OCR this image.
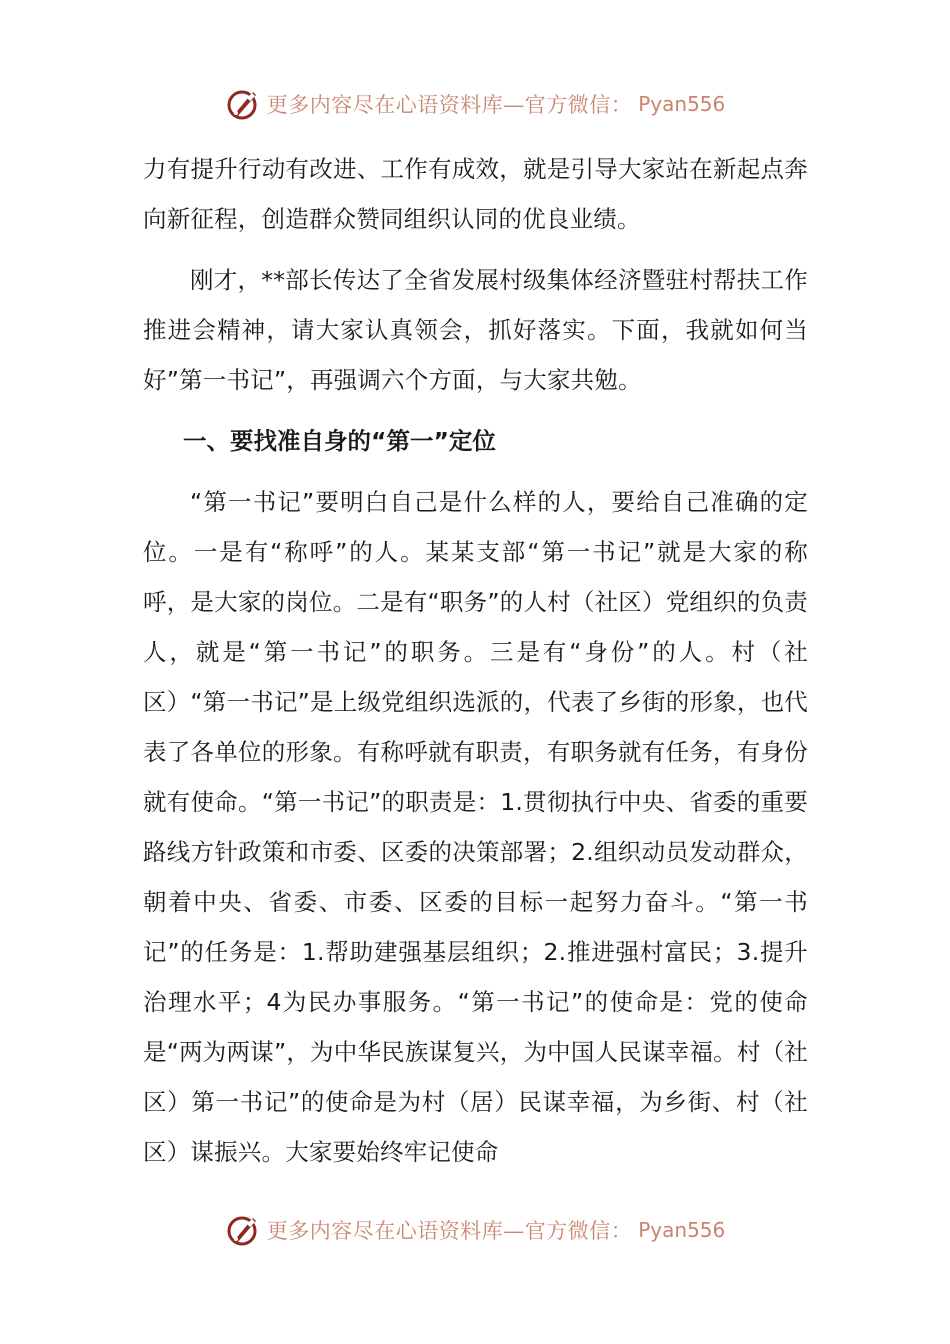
更多内容尽在心语资料库—官方微信： Pyan556

力有提升行动有改进、工作有成效，就是引导大家站在新起点奔向新征程，创造群众赞同组织认同的优良业绩。

刚才，**部长传达了全省发展村级集体经济暨驻村帮扶工作推进会精神，请大家认真领会，抓好落实。下面，我就如何当好”第一书记”，再强调六个方面，与大家共勉。

一、要找准自身的“第一”定位

“第一书记”要明白自己是什么样的人，要给自己准确的定位。一是有“称呼”的人。某某支部“第一书记”就是大家的称呼，是大家的岗位。二是有“职务”的人村（社区）党组织的负责人，就是“第一书记”的职务。三是有“身份”的人。村（社区）“第一书记”是上级党组织选派的，代表了乡街的形象，也代表了各单位的形象。有称呼就有职责，有职务就有任务，有身份就有使命。“第一书记”的职责是：1.贯彻执行中央、省委的重要路线方针政策和市委、区委的决策部署；2.组织动员发动群众，朝着中央、省委、市委、区委的目标一起努力奋斗。“第一书记”的任务是：1.帮助建强基层组织；2.推进强村富民；3.提升治理水平；4为民办事服务。“第一书记”的使命是：党的使命是“两为两谋”，为中华民族谋复兴，为中国人民谋幸福。村（社区）第一书记”的使命是为村（居）民谋幸福，为乡街、村（社区）谋振兴。大家要始终牢记使命

更多内容尽在心语资料库—官方微信： Pyan556
